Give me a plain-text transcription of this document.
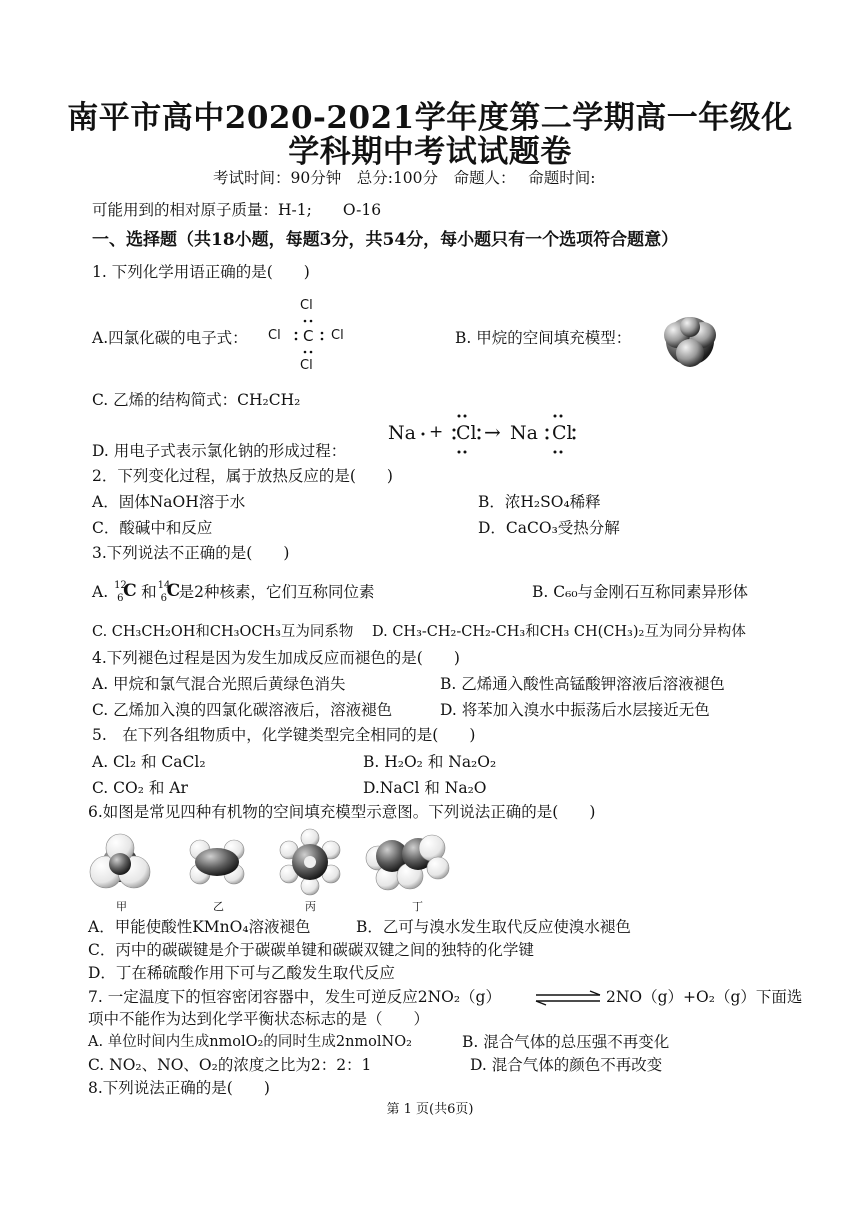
南平市高中2020-2021学年度第二学期高一年级化
学科期中考试试题卷
考试时间：90分钟　总分:100分　命题人：　 命题时间:
可能用到的相对原子质量：H-1;　　O-16
一、选择题（共18小题，每题3分，共54分，每小题只有一个选项符合题意）
1. 下列化学用语正确的是(　　)
A.四氯化碳的电子式：
Cl
Cl C Cl
Cl
B. 甲烷的空间填充模型：
C. 乙烯的结构简式：CH₂CH₂
D. 用电子式表示氯化钠的形成过程：
Na + Cl → Na Cl
2．下列变化过程，属于放热反应的是(　　)
A．固体NaOH溶于水	B．浓H₂SO₄稀释
C．酸碱中和反应	D．CaCO₃受热分解
3.下列说法不正确的是(　　)
A. 12
6 C 和 14
6 C
是2种核素，它们互称同位素	B. C₆₀与金刚石互称同素异形体
C. CH₃CH₂OH和CH₃OCH₃互为同系物 D. CH₃-CH₂-CH₂-CH₃和CH₃ CH(CH₃)₂互为同分异构体
4.下列褪色过程是因为发生加成反应而褪色的是(　　)
A. 甲烷和氯气混合光照后黄绿色消失	B. 乙烯通入酸性高锰酸钾溶液后溶液褪色
C. 乙烯加入溴的四氯化碳溶液后，溶液褪色	D. 将苯加入溴水中振荡后水层接近无色
5.　在下列各组物质中，化学键类型完全相同的是(　　)
A. Cl₂ 和 CaCl₂	B. H₂O₂ 和 Na₂O₂
C. CO₂ 和 Ar	D.NaCl 和 Na₂O
6.如图是常见四种有机物的空间填充模型示意图。下列说法正确的是(　　)
甲	乙	丙	丁
A．甲能使酸性KMnO₄溶液褪色	B．乙可与溴水发生取代反应使溴水褪色
C．丙中的碳碳键是介于碳碳单键和碳碳双键之间的独特的化学键
D．丁在稀硫酸作用下可与乙酸发生取代反应
7. 一定温度下的恒容密闭容器中，发生可逆反应2NO₂（g）	2NO（g）+O₂（g）下面选
项中不能作为达到化学平衡状态标志的是（　　）
A. 单位时间内生成nmolO₂的同时生成2nmolNO₂	B. 混合气体的总压强不再变化
C. NO₂、NO、O₂的浓度之比为2：2：1	D. 混合气体的颜色不再改变
8.下列说法正确的是(　　)
第 1 页(共6页)
